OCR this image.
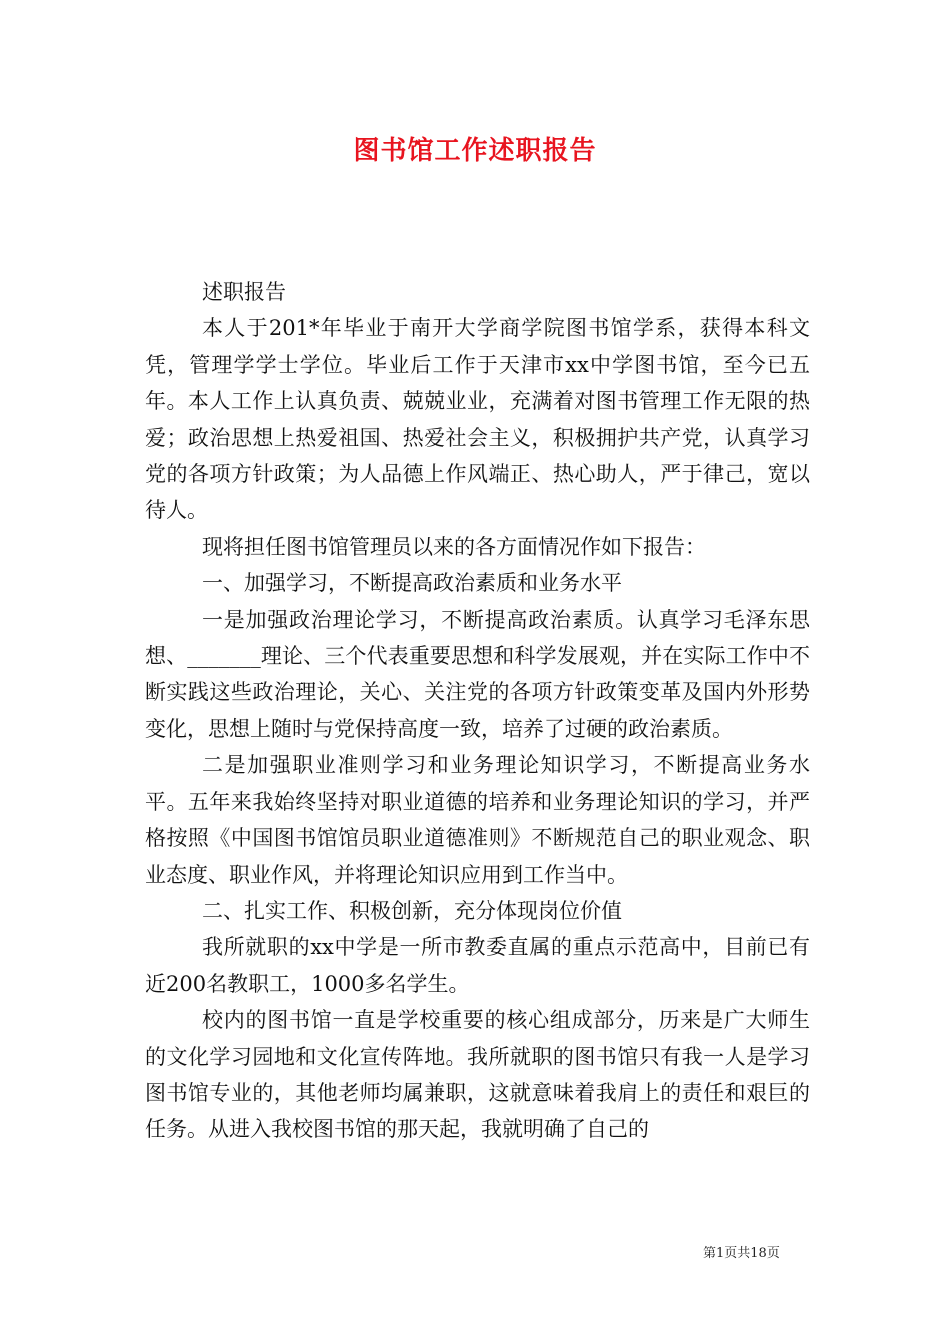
图书馆工作述职报告

述职报告

本人于201*年毕业于南开大学商学院图书馆学系，获得本科文凭，管理学学士学位。毕业后工作于天津市xx中学图书馆，至今已五年。本人工作上认真负责、兢兢业业，充满着对图书管理工作无限的热爱；政治思想上热爱祖国、热爱社会主义，积极拥护共产党，认真学习党的各项方针政策；为人品德上作风端正、热心助人，严于律己，宽以待人。

现将担任图书馆管理员以来的各方面情况作如下报告：

一、加强学习，不断提高政治素质和业务水平

一是加强政治理论学习，不断提高政治素质。认真学习毛泽东思想、_______理论、三个代表重要思想和科学发展观，并在实际工作中不断实践这些政治理论，关心、关注党的各项方针政策变革及国内外形势变化，思想上随时与党保持高度一致，培养了过硬的政治素质。

二是加强职业准则学习和业务理论知识学习，不断提高业务水平。五年来我始终坚持对职业道德的培养和业务理论知识的学习，并严格按照《中国图书馆馆员职业道德准则》不断规范自己的职业观念、职业态度、职业作风，并将理论知识应用到工作当中。

二、扎实工作、积极创新，充分体现岗位价值

我所就职的xx中学是一所市教委直属的重点示范高中，目前已有近200名教职工，1000多名学生。

校内的图书馆一直是学校重要的核心组成部分，历来是广大师生的文化学习园地和文化宣传阵地。我所就职的图书馆只有我一人是学习图书馆专业的，其他老师均属兼职，这就意味着我肩上的责任和艰巨的任务。从进入我校图书馆的那天起，我就明确了自己的

第1页共18页
